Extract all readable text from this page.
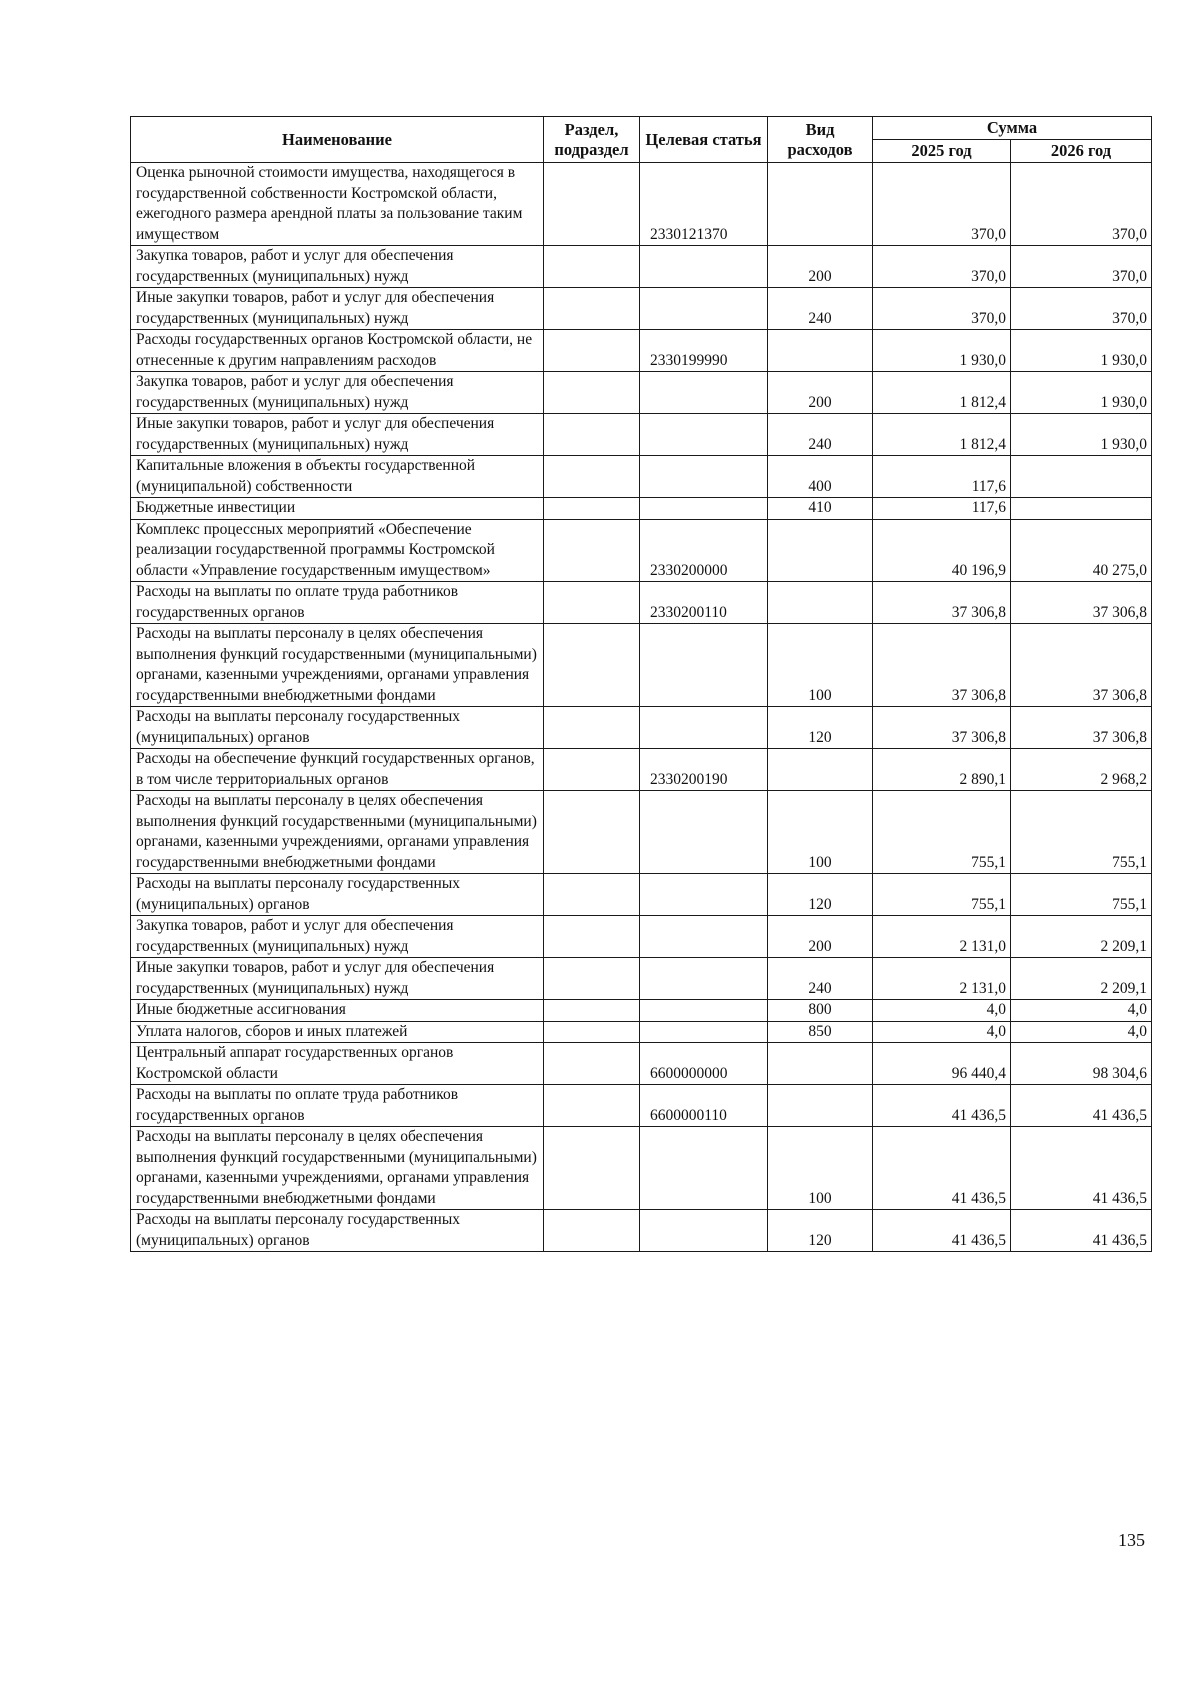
Наименование	Раздел, подраздел	Целевая статья	Вид расходов	Сумма	
				2025 год	2026 год
Оценка рыночной стоимости имущества, находящегося в государственной собственности Костромской области, ежегодного размера арендной платы за пользование таким имуществом		2330121370		370,0	370,0
Закупка товаров, работ и услуг для обеспечения государственных (муниципальных) нужд			200	370,0	370,0
Иные закупки товаров, работ и услуг для обеспечения государственных (муниципальных) нужд			240	370,0	370,0
Расходы государственных органов Костромской области, не отнесенные к другим направлениям расходов		2330199990		1 930,0	1 930,0
Закупка товаров, работ и услуг для обеспечения государственных (муниципальных) нужд			200	1 812,4	1 930,0
Иные закупки товаров, работ и услуг для обеспечения государственных (муниципальных) нужд			240	1 812,4	1 930,0
Капитальные вложения в объекты государственной (муниципальной) собственности			400	117,6	
Бюджетные инвестиции			410	117,6	
Комплекс процессных мероприятий «Обеспечение реализации государственной программы Костромской области «Управление государственным имуществом»		2330200000		40 196,9	40 275,0
Расходы на выплаты по оплате труда работников государственных органов		2330200110		37 306,8	37 306,8
Расходы на выплаты персоналу в целях обеспечения выполнения функций государственными (муниципальными) органами, казенными учреждениями, органами управления государственными внебюджетными фондами			100	37 306,8	37 306,8
Расходы на выплаты персоналу государственных (муниципальных) органов			120	37 306,8	37 306,8
Расходы на обеспечение функций государственных органов, в том числе территориальных органов		2330200190		2 890,1	2 968,2
Расходы на выплаты персоналу в целях обеспечения выполнения функций государственными (муниципальными) органами, казенными учреждениями, органами управления государственными внебюджетными фондами			100	755,1	755,1
Расходы на выплаты персоналу государственных (муниципальных) органов			120	755,1	755,1
Закупка товаров, работ и услуг для обеспечения государственных (муниципальных) нужд			200	2 131,0	2 209,1
Иные закупки товаров, работ и услуг для обеспечения государственных (муниципальных) нужд			240	2 131,0	2 209,1
Иные бюджетные ассигнования			800	4,0	4,0
Уплата налогов, сборов и иных платежей			850	4,0	4,0
Центральный аппарат государственных органов Костромской области		6600000000		96 440,4	98 304,6
Расходы на выплаты по оплате труда работников государственных органов		6600000110		41 436,5	41 436,5
Расходы на выплаты персоналу в целях обеспечения выполнения функций государственными (муниципальными) органами, казенными учреждениями, органами управления государственными внебюджетными фондами			100	41 436,5	41 436,5
Расходы на выплаты персоналу государственных (муниципальных) органов			120	41 436,5	41 436,5
135
